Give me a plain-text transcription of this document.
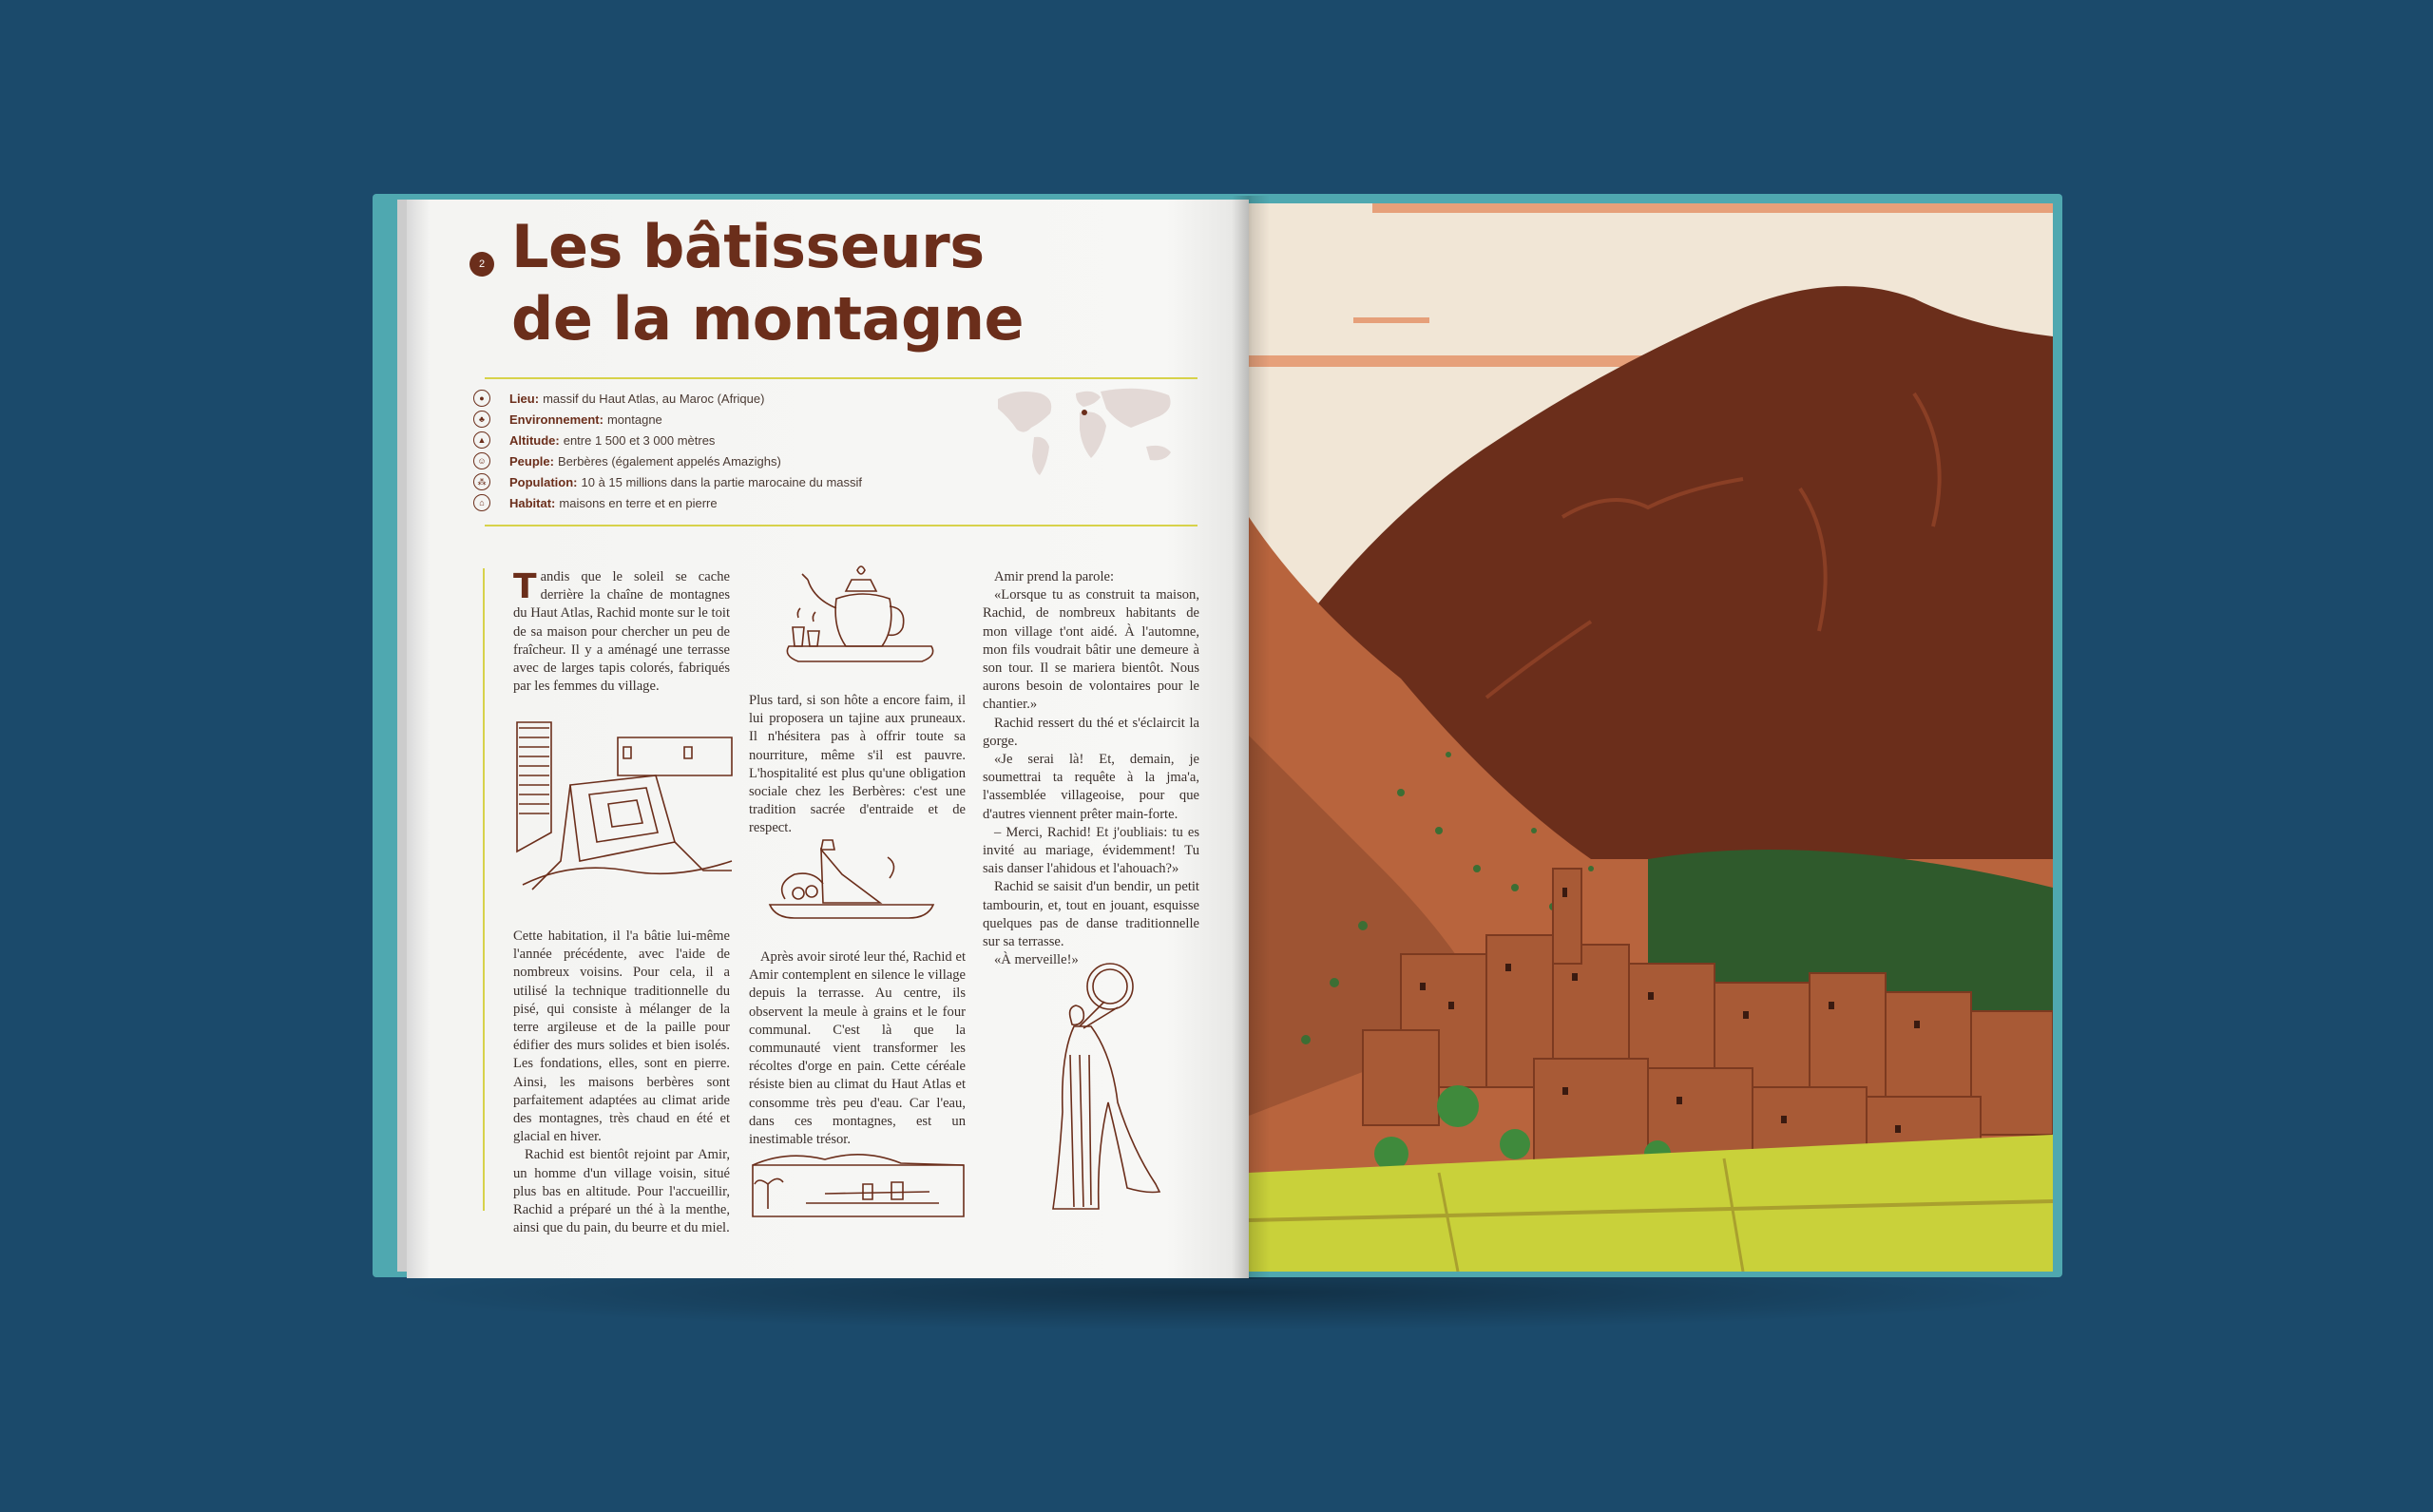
2 Les bâtisseurs
de la montagne
●	Lieu: massif du Haut Atlas, au Maroc (Afrique)
♣	Environnement: montagne
▲	Altitude: entre 1 500 et 3 000 mètres
☺	Peuple: Berbères (également appelés Amazighs)
⁂	Population: 10 à 15 millions dans la partie marocaine du massif
⌂	Habitat: maisons en terre et en pierre

Tandis que le soleil se cache derrière la chaîne de montagnes du Haut Atlas, Rachid monte sur le toit de sa maison pour chercher un peu de fraîcheur. Il y a aménagé une terrasse avec de larges tapis colorés, fabriqués par les femmes du village.

Cette habitation, il l'a bâtie lui-même l'année précédente, avec l'aide de nombreux voisins. Pour cela, il a utilisé la technique traditionnelle du pisé, qui consiste à mélanger de la terre argileuse et de la paille pour édifier des murs solides et bien isolés. Les fondations, elles, sont en pierre. Ainsi, les maisons berbères sont parfaitement adaptées au climat aride des montagnes, très chaud en été et glacial en hiver.

Rachid est bientôt rejoint par Amir, un homme d'un village voisin, situé plus bas en altitude. Pour l'accueillir, Rachid a préparé un thé à la menthe, ainsi que du pain, du beurre et du miel.

Plus tard, si son hôte a encore faim, il lui proposera un tajine aux pruneaux. Il n'hésitera pas à offrir toute sa nourriture, même s'il est pauvre. L'hospitalité est plus qu'une obligation sociale chez les Berbères: c'est une tradition sacrée d'entraide et de respect.

Après avoir siroté leur thé, Rachid et Amir contemplent en silence le village depuis la terrasse. Au centre, ils observent la meule à grains et le four communal. C'est là que la communauté vient transformer les récoltes d'orge en pain. Cette céréale résiste bien au climat du Haut Atlas et consomme très peu d'eau. Car l'eau, dans ces montagnes, est un inestimable trésor.

Amir prend la parole:

«Lorsque tu as construit ta maison, Rachid, de nombreux habitants de mon village t'ont aidé. À l'automne, mon fils voudrait bâtir une demeure à son tour. Il se mariera bientôt. Nous aurons besoin de volontaires pour le chantier.»

Rachid ressert du thé et s'éclaircit la gorge.

«Je serai là! Et, demain, je soumettrai ta requête à la jma'a, l'assemblée villageoise, pour que d'autres viennent prêter main-forte.

– Merci, Rachid! Et j'oubliais: tu es invité au mariage, évidemment! Tu sais danser l'ahidous et l'ahouach?»

Rachid se saisit d'un bendir, un petit tambourin, et, tout en jouant, esquisse quelques pas de danse traditionnelle sur sa terrasse.

«À merveille!»
